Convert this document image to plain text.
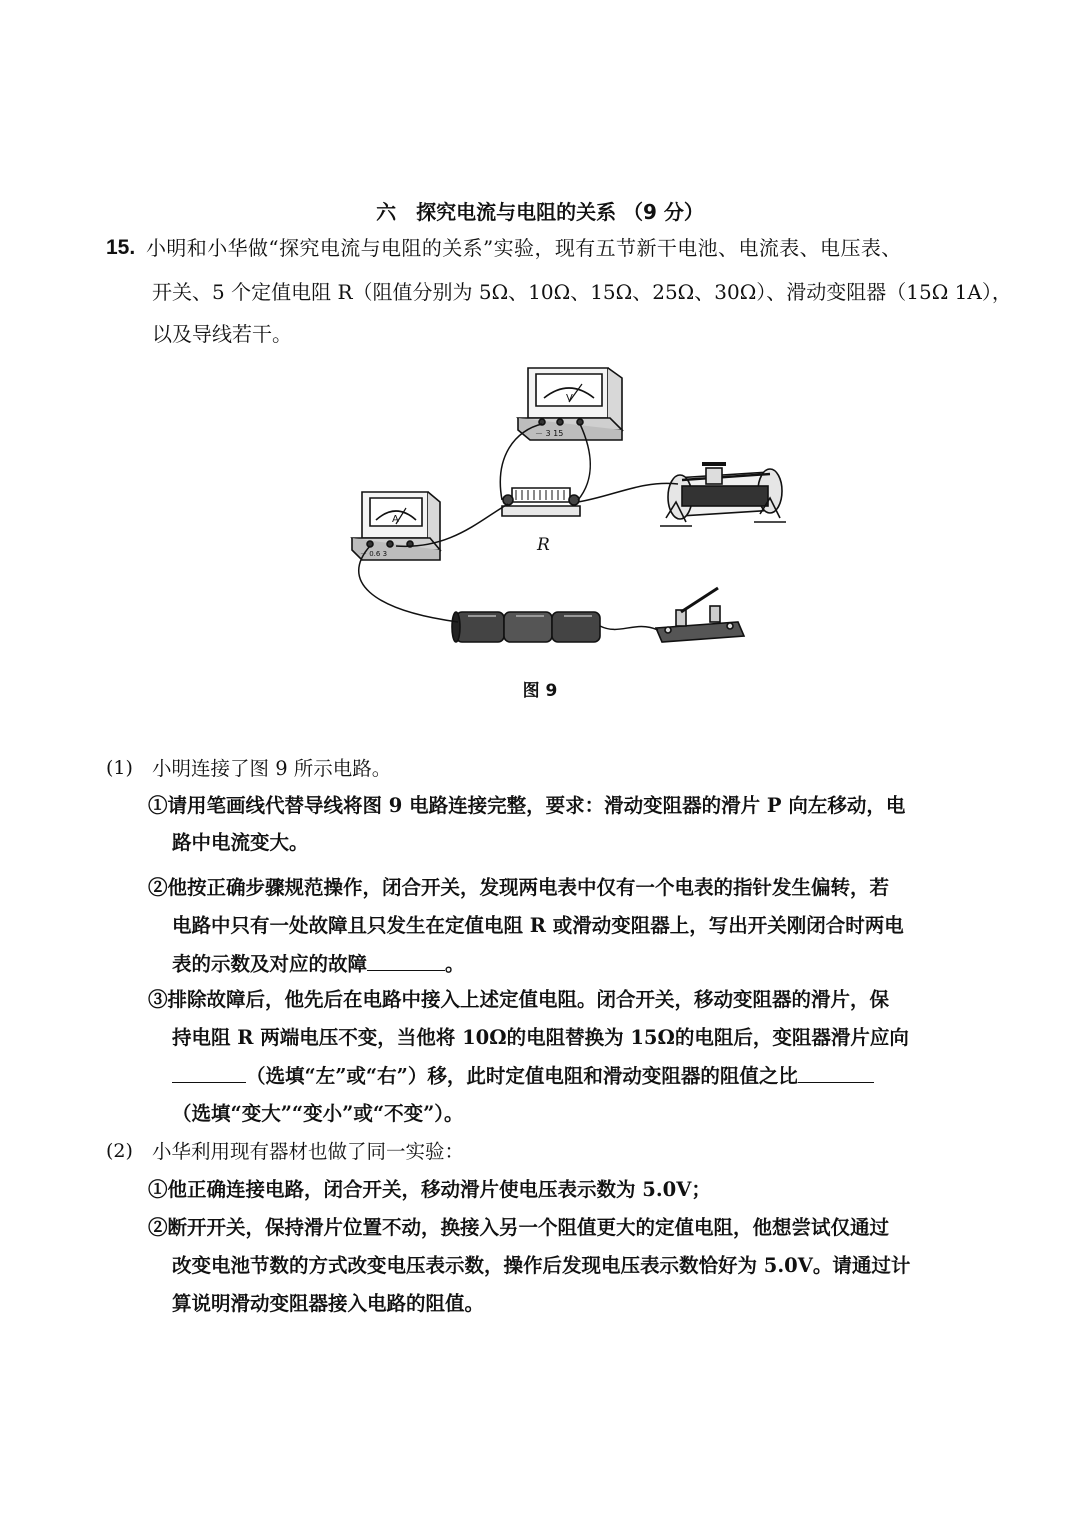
六　探究电流与电阻的关系 （9 分）
15. 小明和小华做“探究电流与电阻的关系”实验，现有五节新干电池、电流表、电压表、
开关、5 个定值电阻 R（阻值分别为 5Ω、10Ω、15Ω、25Ω、30Ω）、滑动变阻器（15Ω 1A），
以及导线若干。
V
－ 3 15
A
－ 0.6 3	R
图 9
(1) 小明连接了图 9 所示电路。
①请用笔画线代替导线将图 9 电路连接完整，要求：滑动变阻器的滑片 P 向左移动，电
路中电流变大。
②他按正确步骤规范操作，闭合开关，发现两电表中仅有一个电表的指针发生偏转，若
电路中只有一处故障且只发生在定值电阻 R 或滑动变阻器上，写出开关刚闭合时两电
表的示数及对应的故障	。
③排除故障后，他先后在电路中接入上述定值电阻。闭合开关，移动变阻器的滑片，保
持电阻 R 两端电压不变，当他将 10Ω的电阻替换为 15Ω的电阻后，变阻器滑片应向
（选填“左”或“右”）移，此时定值电阻和滑动变阻器的阻值之比
（选填“变大”“变小”或“不变”）。
(2) 小华利用现有器材也做了同一实验：
①他正确连接电路，闭合开关，移动滑片使电压表示数为 5.0V；
②断开开关，保持滑片位置不动，换接入另一个阻值更大的定值电阻，他想尝试仅通过
改变电池节数的方式改变电压表示数，操作后发现电压表示数恰好为 5.0V。请通过计
算说明滑动变阻器接入电路的阻值。
